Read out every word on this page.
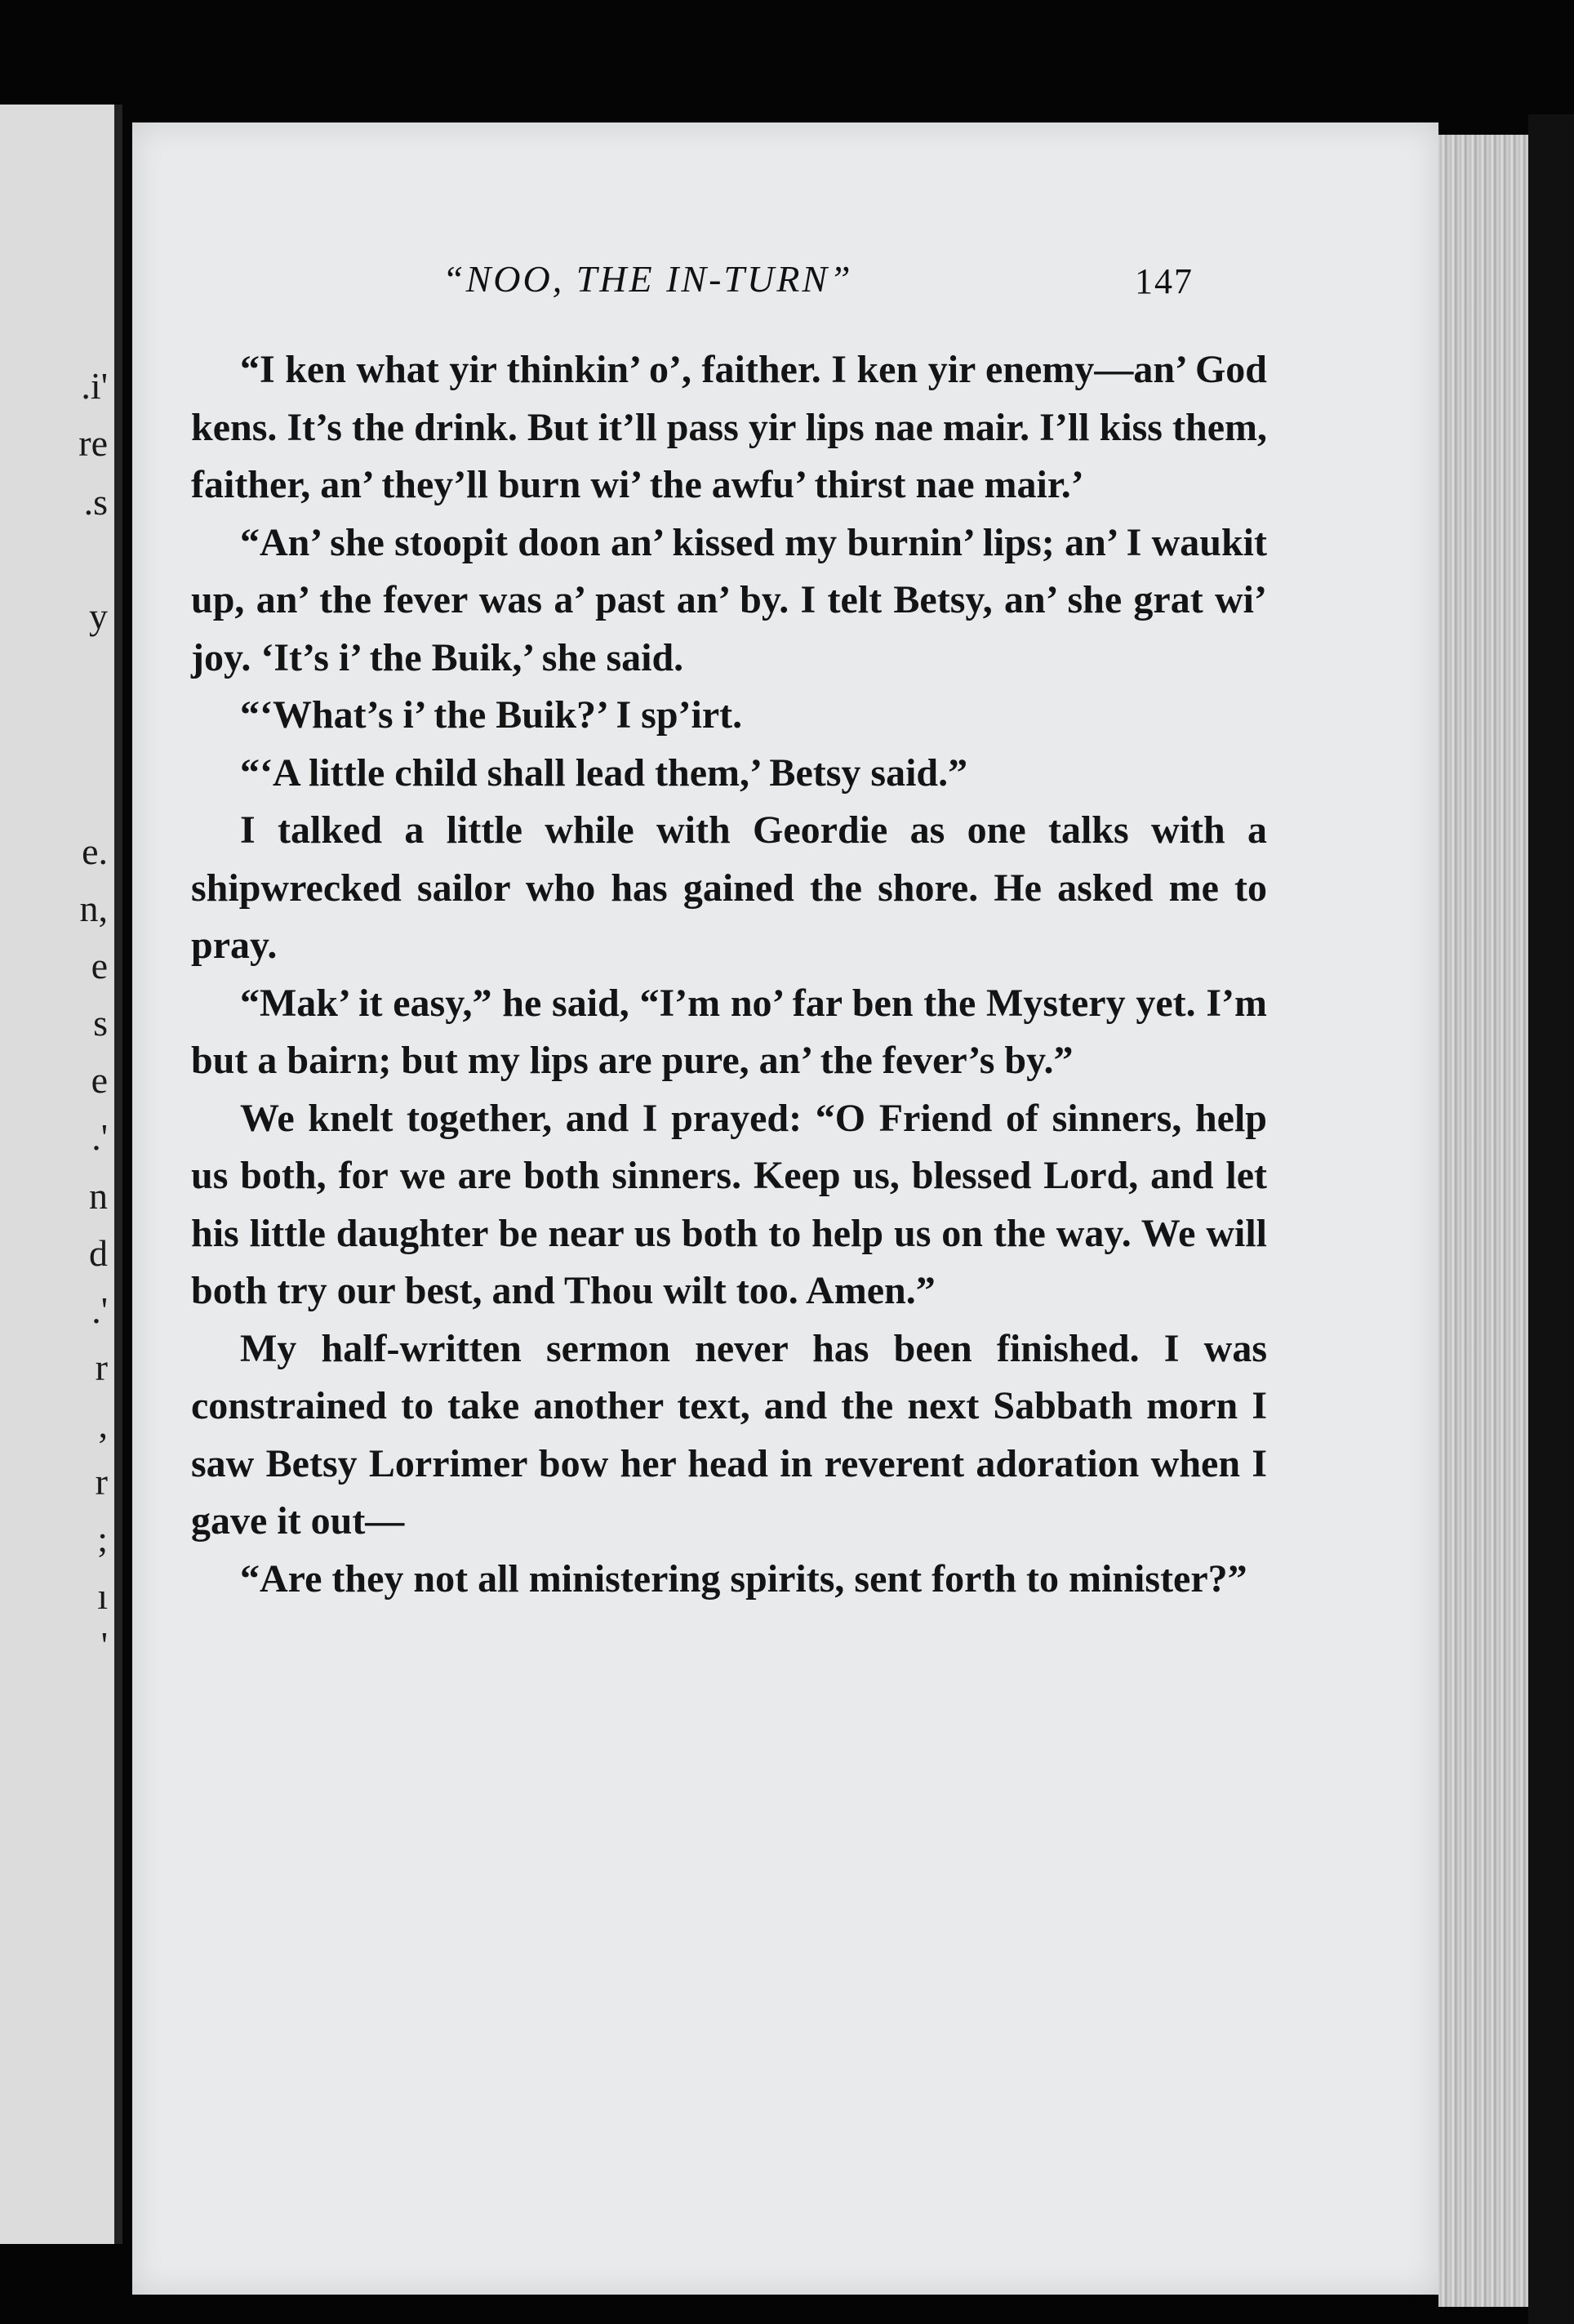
.i'
re
.s
y
e.
n,
e
s
e
.'
n
d
.'
r
,
r
;
ı
'
“NOO, THE IN-TURN”	147

“I ken what yir thinkin’ o’, faither. I ken yir enemy—an’ God kens. It’s the drink. But it’ll pass yir lips nae mair. I’ll kiss them, faither, an’ they’ll burn wi’ the awfu’ thirst nae mair.’

“An’ she stoopit doon an’ kissed my burnin’ lips; an’ I waukit up, an’ the fever was a’ past an’ by. I telt Betsy, an’ she grat wi’ joy. ‘It’s i’ the Buik,’ she said.

“‘What’s i’ the Buik?’ I sp’irt.

“‘A little child shall lead them,’ Betsy said.”

I talked a little while with Geordie as one talks with a shipwrecked sailor who has gained the shore. He asked me to pray.

“Mak’ it easy,” he said, “I’m no’ far ben the Mystery yet. I’m but a bairn; but my lips are pure, an’ the fever’s by.”

We knelt together, and I prayed: “O Friend of sinners, help us both, for we are both sinners. Keep us, blessed Lord, and let his little daughter be near us both to help us on the way. We will both try our best, and Thou wilt too. Amen.”

My half-written sermon never has been finished. I was constrained to take another text, and the next Sabbath morn I saw Betsy Lorrimer bow her head in reverent adoration when I gave it out—

“Are they not all ministering spirits, sent forth to minister?”
